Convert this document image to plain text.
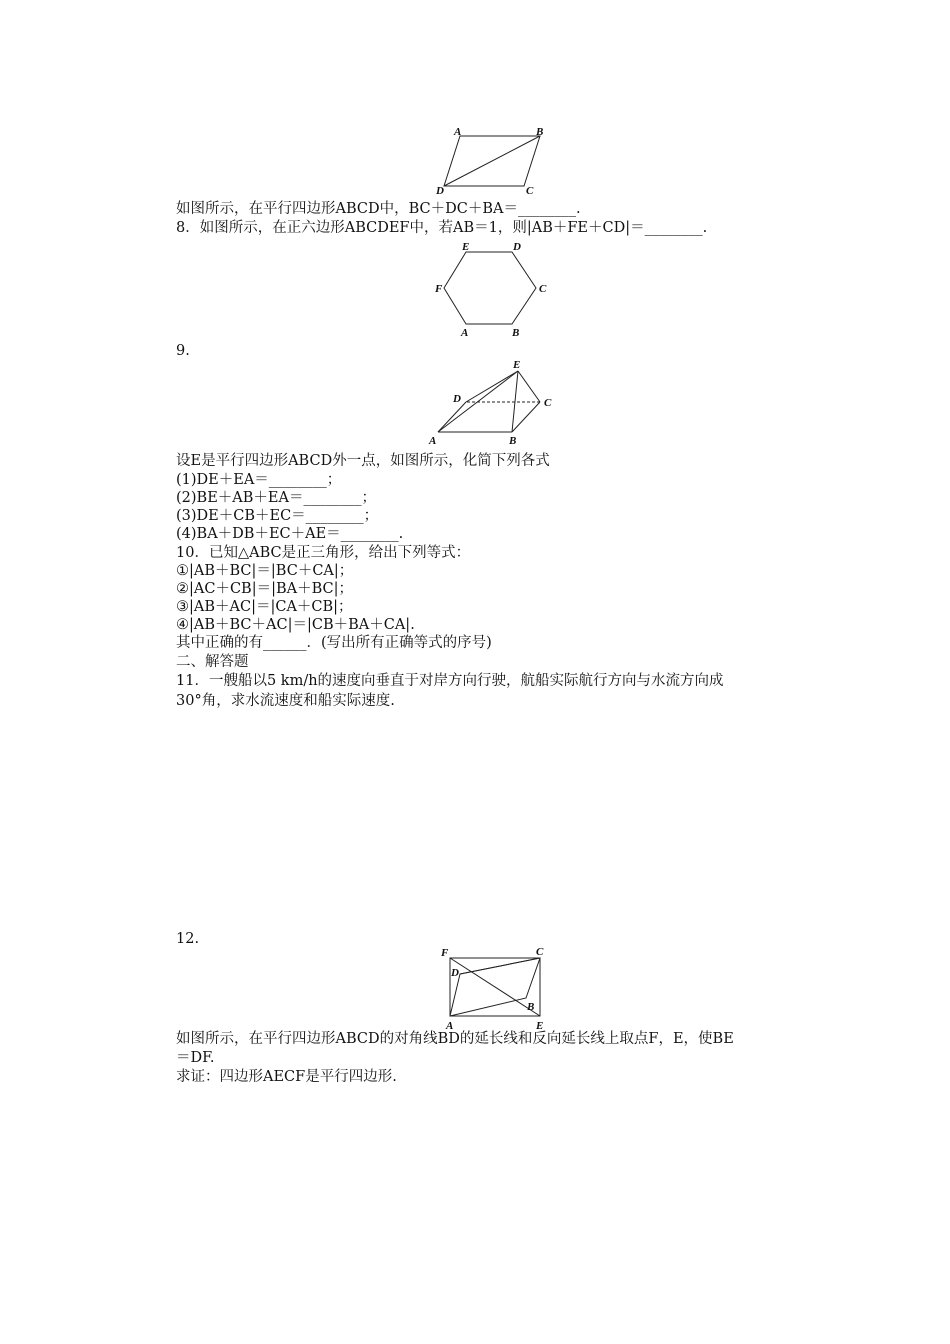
A	B
C
D
如图所示，在平行四边形ABCD中，BC＋DC＋BA＝________.
8．如图所示，在正六边形ABCDEF中，若AB＝1，则|AB＋FE＋CD|＝________.
A	B
C
D
E
F
9.
A	B
C
D
E
设E是平行四边形ABCD外一点，如图所示，化简下列各式
(1)DE＋EA＝________；
(2)BE＋AB＋EA＝________；
(3)DE＋CB＋EC＝________；
(4)BA＋DB＋EC＋AE＝________.
10．已知△ABC是正三角形，给出下列等式：
①|AB＋BC|＝|BC＋CA|；
②|AC＋CB|＝|BA＋BC|；
③|AB＋AC|＝|CA＋CB|；
④|AB＋BC＋AC|＝|CB＋BA＋CA|.
其中正确的有______．(写出所有正确等式的序号)
二、解答题
11．一艘船以5 km/h的速度向垂直于对岸方向行驶，航船实际航行方向与水流方向成
30°角，求水流速度和船实际速度.
12.
A
B
C
D
E
F
如图所示，在平行四边形ABCD的对角线BD的延长线和反向延长线上取点F，E，使BE
＝DF.
求证：四边形AECF是平行四边形.
